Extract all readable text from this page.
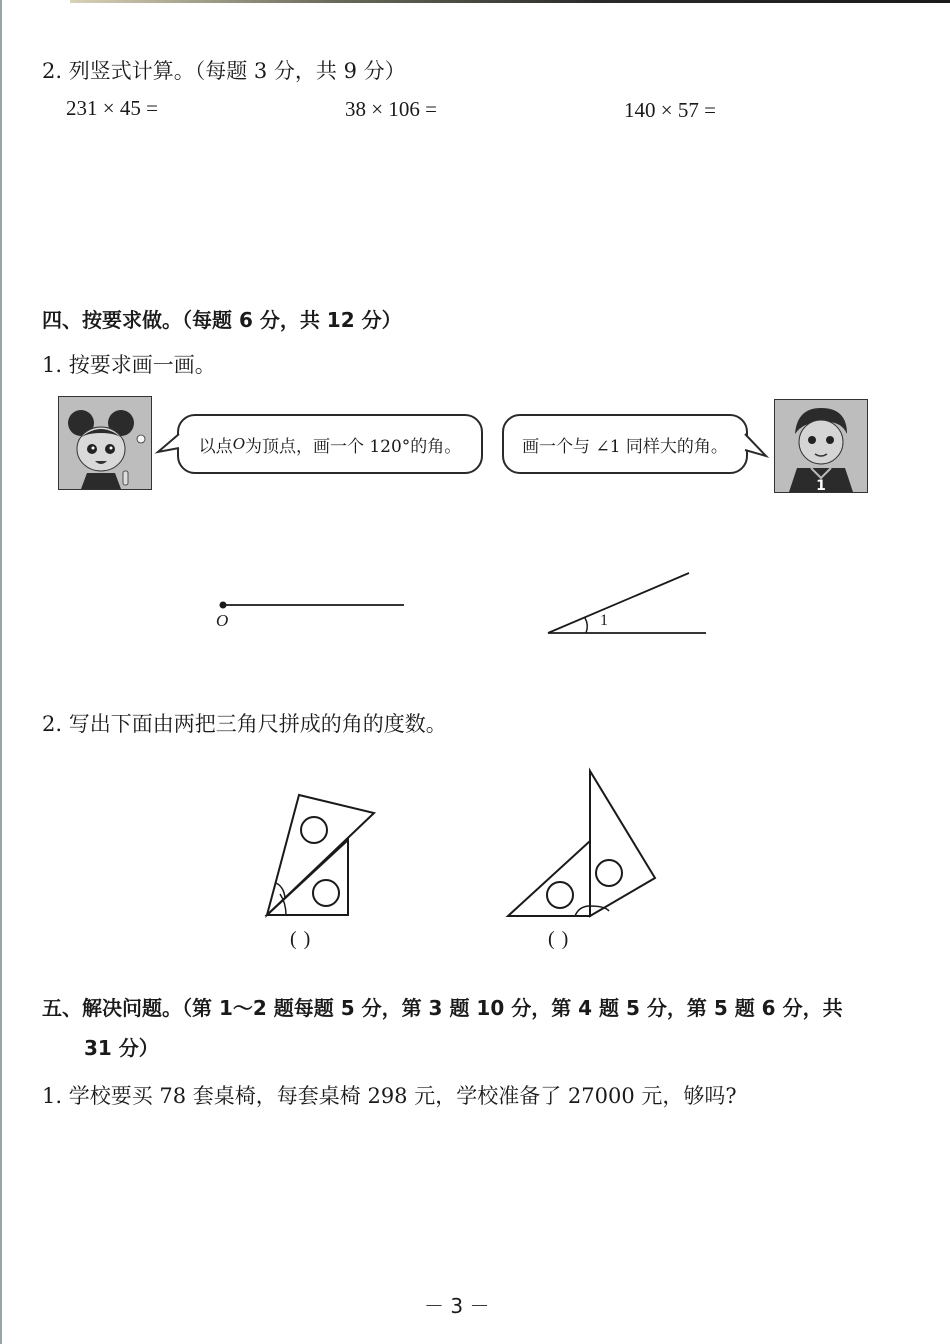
2. 列竖式计算。（每题 3 分，共 9 分）
231 × 45 =	38 × 106 =	140 × 57 =
四、按要求做。（每题 6 分，共 12 分）
1. 按要求画一画。
以点 O 为顶点，画一个 120°的角。	画一个与 ∠1 同样大的角。
1
O	1
2. 写出下面由两把三角尺拼成的角的度数。
( )	( )
五、解决问题。（第 1～2 题每题 5 分，第 3 题 10 分，第 4 题 5 分，第 5 题 6 分，共
31 分）
1. 学校要买 78 套桌椅，每套桌椅 298 元，学校准备了 27000 元，够吗?
－ 3 －
